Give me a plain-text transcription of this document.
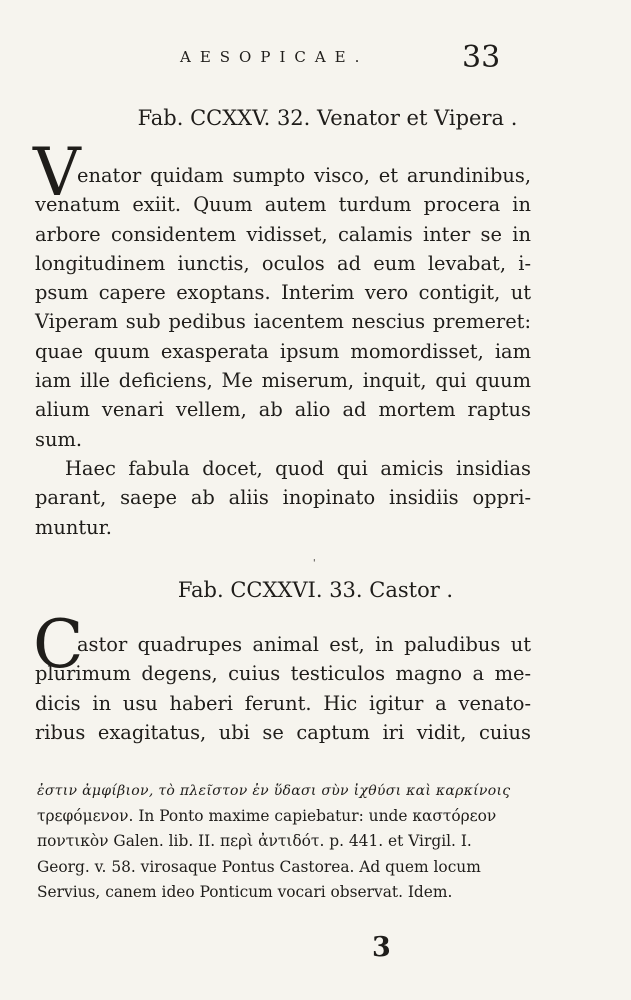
AESOPICAE.	33
Fab. CCXXV. 32. Venator et Vipera .
V
enator quidam sumpto visco, et arundinibus,
venatum exiit. Quum autem turdum procera in
arbore considentem vidisset, calamis inter se in
longitudinem iunctis, oculos ad eum levabat, i-
psum capere exoptans. Interim vero contigit, ut
Viperam sub pedibus iacentem nescius premeret:
quae quum exasperata ipsum momordisset, iam
iam ille deficiens, Me miserum, inquit, qui quum
alium venari vellem, ab alio ad mortem raptus
sum.
Haec fabula docet, quod qui amicis insidias
parant, saepe ab aliis inopinato insidiis oppri-
muntur.
'
Fab. CCXXVI. 33. Castor .
C
astor quadrupes animal est, in paludibus ut
plurimum degens, cuius testiculos magno a me-
dicis in usu haberi ferunt. Hic igitur a venato-
ribus exagitatus, ubi se captum iri vidit, cuius
ἐστιν ἀμφίβιον, τὸ πλεῖστον ἐν ὕδασι σὺν ἰχθύσι καὶ καρκίνοις
τρεφόμενον. In Ponto maxime capiebatur: unde καστόρεον
ποντικὸν Galen. lib. II. περὶ ἀντιδότ. p. 441. et Virgil. I.
Georg. v. 58. virosaque Pontus Castorea. Ad quem locum
Servius, canem ideo Ponticum vocari observat. Idem.
3
